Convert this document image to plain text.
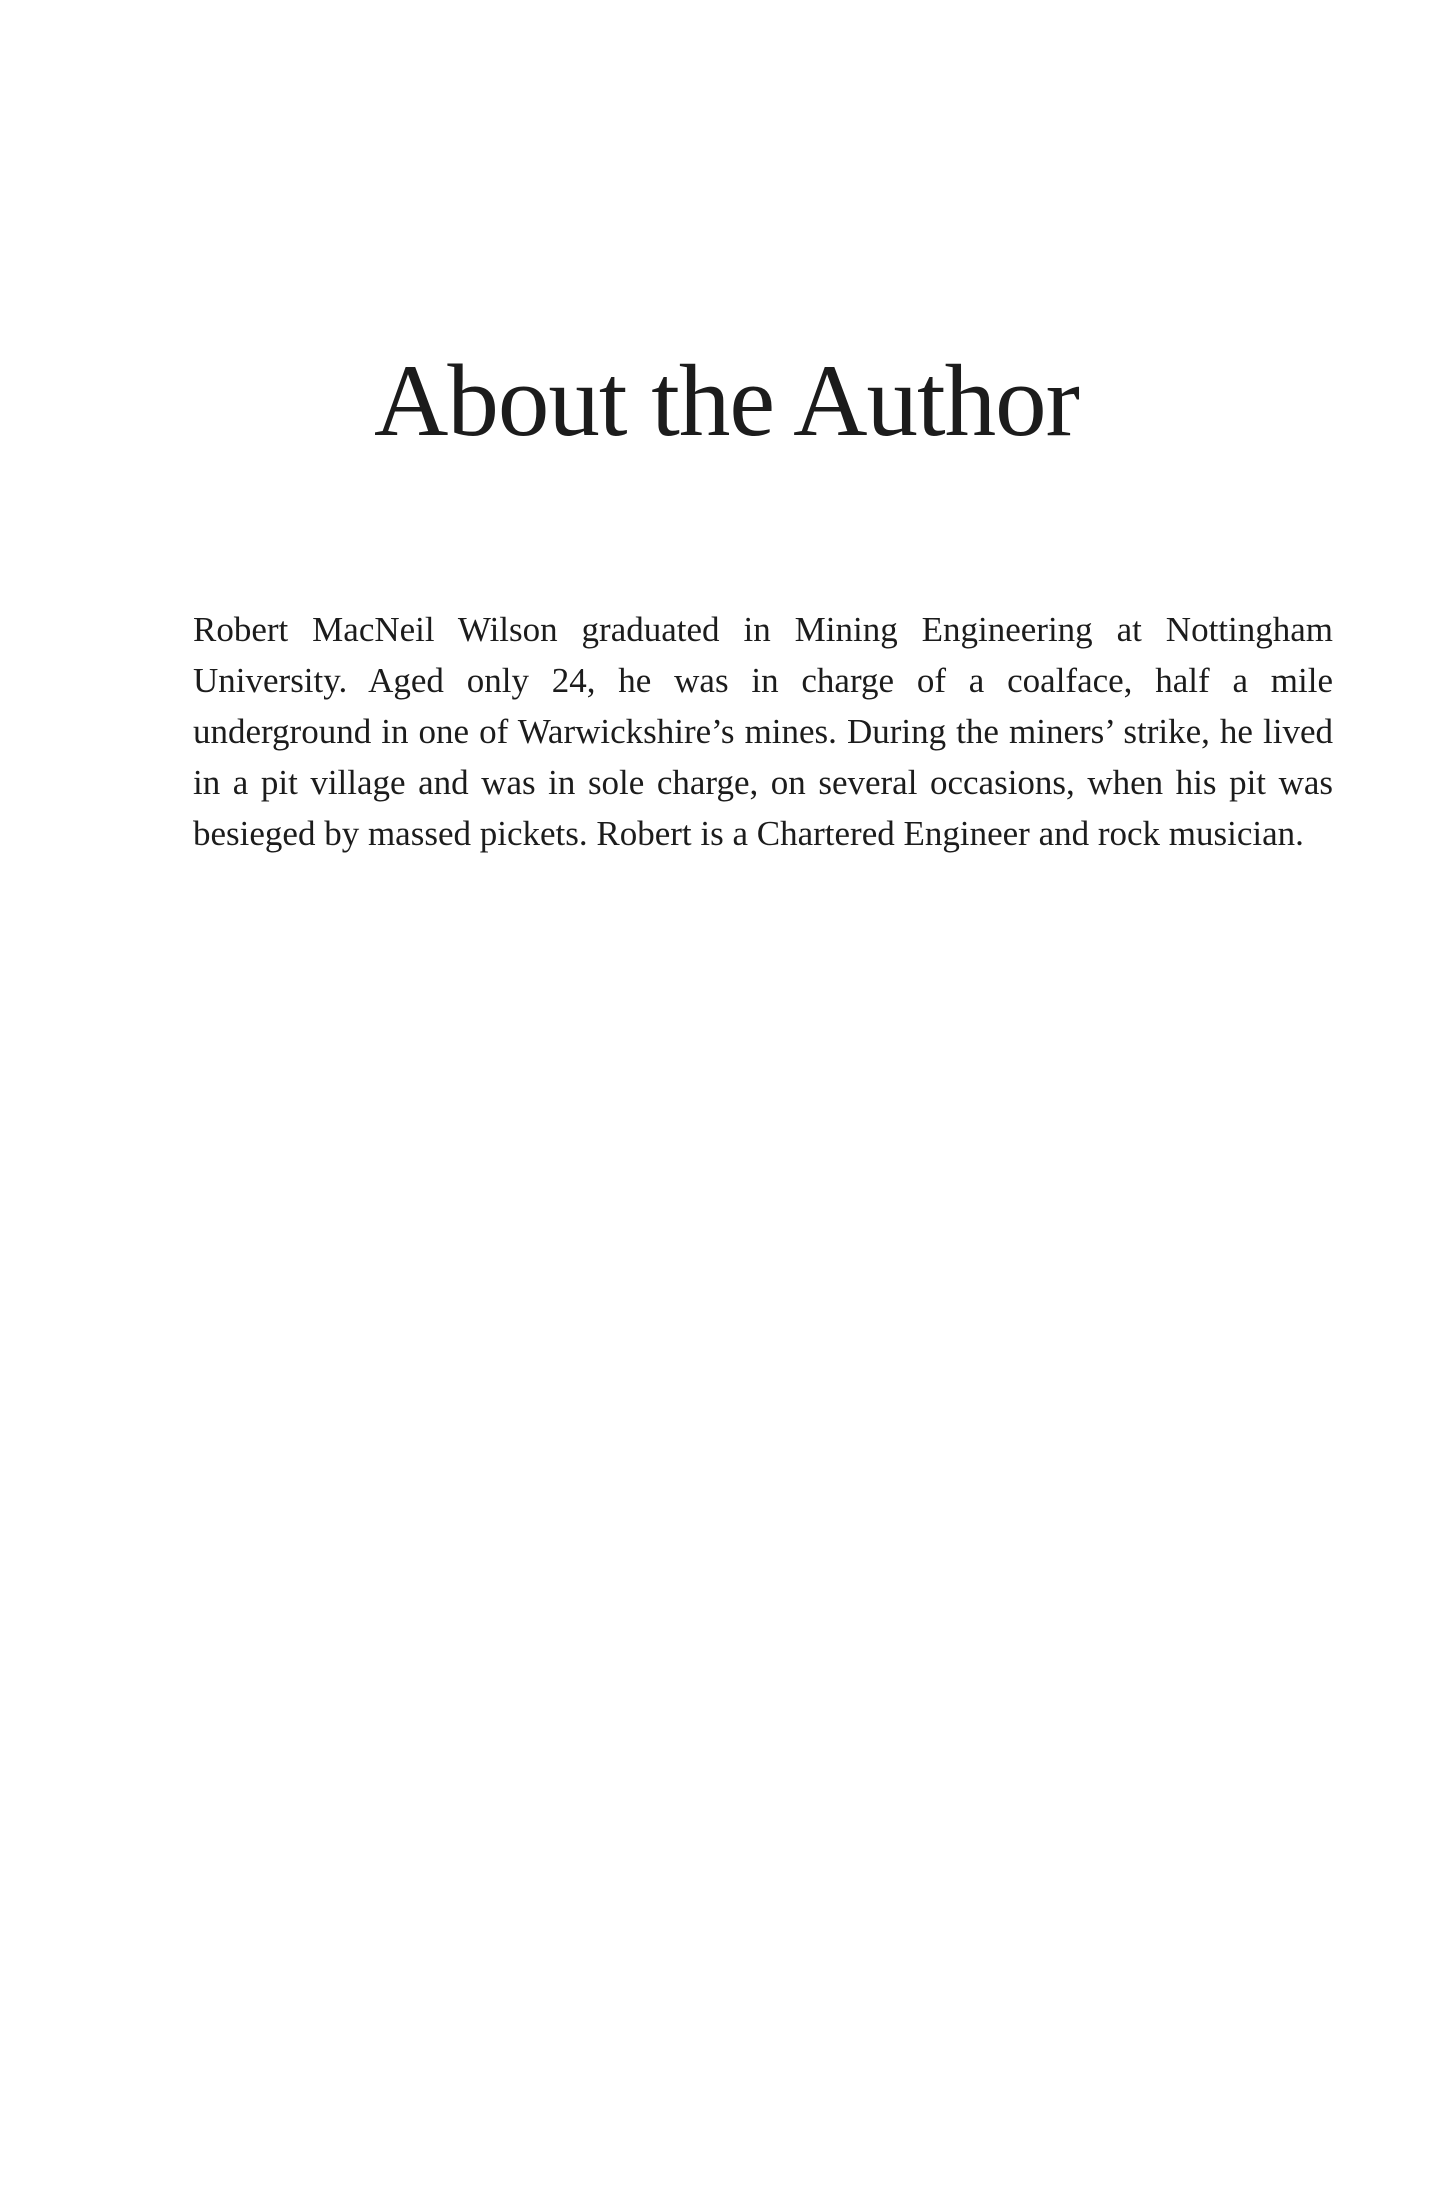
About the Author

Robert MacNeil Wilson graduated in Mining Engineering at Nottingham University. Aged only 24, he was in charge of a coalface, half a mile underground in one of Warwickshire’s mines. During the miners’ strike, he lived in a pit village and was in sole charge, on several occasions, when his pit was besieged by massed pickets. Robert is a Chartered Engineer and rock musician.
